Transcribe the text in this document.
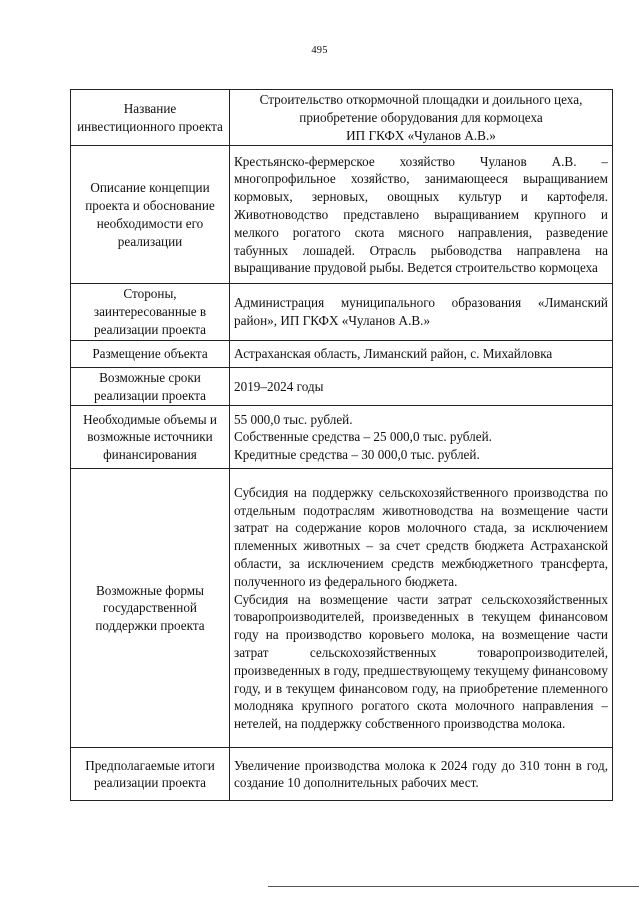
495
Название инвестиционного проекта	Строительство откормочной площадки и доильного цеха,
приобретение оборудования для кормоцеха
ИП ГКФХ «Чуланов А.В.»

Описание концепции проекта и обоснование необходимости его реализации	Крестьянско-фермерское хозяйство Чуланов А.В. – многопрофильное хозяйство, занимающееся выращиванием кормовых, зерновых, овощных культур и картофеля. Животноводство представлено выращиванием крупного и мелкого рогатого скота мясного направления, разведение табунных лошадей. Отрасль рыбоводства направлена на выращивание прудовой рыбы. Ведется строительство кормоцеха
Стороны, заинтересованные в реализации проекта	Администрация муниципального образования «Лиманский район», ИП ГКФХ «Чуланов А.В.»
Размещение объекта	Астраханская область, Лиманский район, с. Михайловка
Возможные сроки реализации проекта	2019–2024 годы
Необходимые объемы и возможные источники финансирования	55 000,0 тыс. рублей.
Собственные средства – 25 000,0 тыс. рублей.
Кредитные средства – 30 000,0 тыс. рублей.

Возможные формы государственной поддержки проекта	Субсидия на поддержку сельскохозяйственного производства по отдельным подотраслям животноводства на возмещение части затрат на содержание коров молочного стада, за исключением племенных животных – за счет средств бюджета Астраханской области, за исключением средств межбюджетного трансферта, полученного из федерального бюджета.
Субсидия на возмещение части затрат сельскохозяйственных товаропроизводителей, произведенных в текущем финансовом году на производство коровьего молока, на возмещение части затрат сельскохозяйственных товаропроизводителей, произведенных в году, предшествующему текущему финансовому году, и в текущем финансовом году, на приобретение племенного молодняка крупного рогатого скота молочного направления – нетелей, на поддержку собственного производства молока.

Предполагаемые итоги реализации проекта	Увеличение производства молока к 2024 году до 310 тонн в год, создание 10 дополнительных рабочих мест.
